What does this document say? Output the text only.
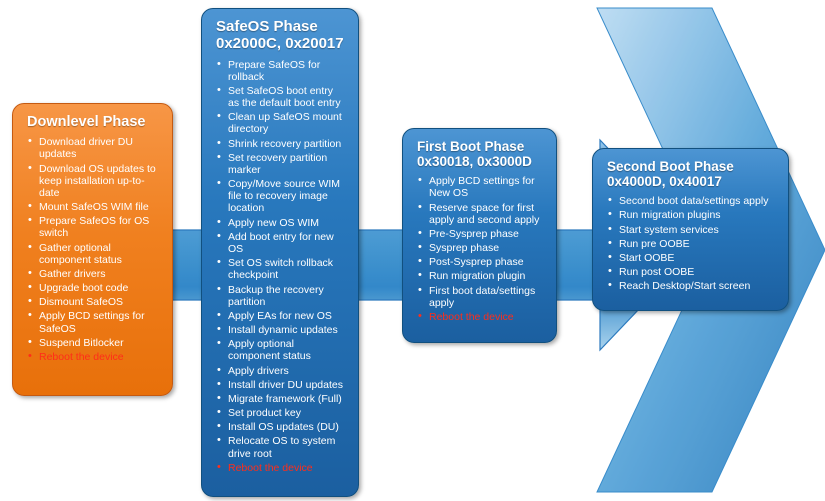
Downlevel Phase
• Download driver DU updates
• Download OS updates to keep installation up-to-date
• Mount SafeOS WIM file
• Prepare SafeOS for OS switch
• Gather optional component status
• Gather drivers
• Upgrade boot code
• Dismount SafeOS
• Apply BCD settings for SafeOS
• Suspend Bitlocker
• Reboot the device
SafeOS Phase
0x2000C, 0x20017
• Prepare SafeOS for rollback
• Set SafeOS boot entry as the default boot entry
• Clean up SafeOS mount directory
• Shrink recovery partition
• Set recovery partition marker
• Copy/Move source WIM file to recovery image location
• Apply new OS WIM
• Add boot entry for new OS
• Set OS switch rollback checkpoint
• Backup the recovery partition
• Apply EAs for new OS
• Install dynamic updates
• Apply optional component status
• Apply drivers
• Install driver DU updates
• Migrate framework (Full)
• Set product key
• Install OS updates (DU)
• Relocate OS to system drive root
• Reboot the device
First Boot Phase
0x30018, 0x3000D
• Apply BCD settings for New OS
• Reserve space for first apply and second apply
• Pre-Sysprep phase
• Sysprep phase
• Post-Sysprep phase
• Run migration plugin
• First boot data/settings apply
• Reboot the device
Second Boot Phase
0x4000D, 0x40017
• Second boot data/settings apply
• Run migration plugins
• Start system services
• Run pre OOBE
• Start OOBE
• Run post OOBE
• Reach Desktop/Start screen
